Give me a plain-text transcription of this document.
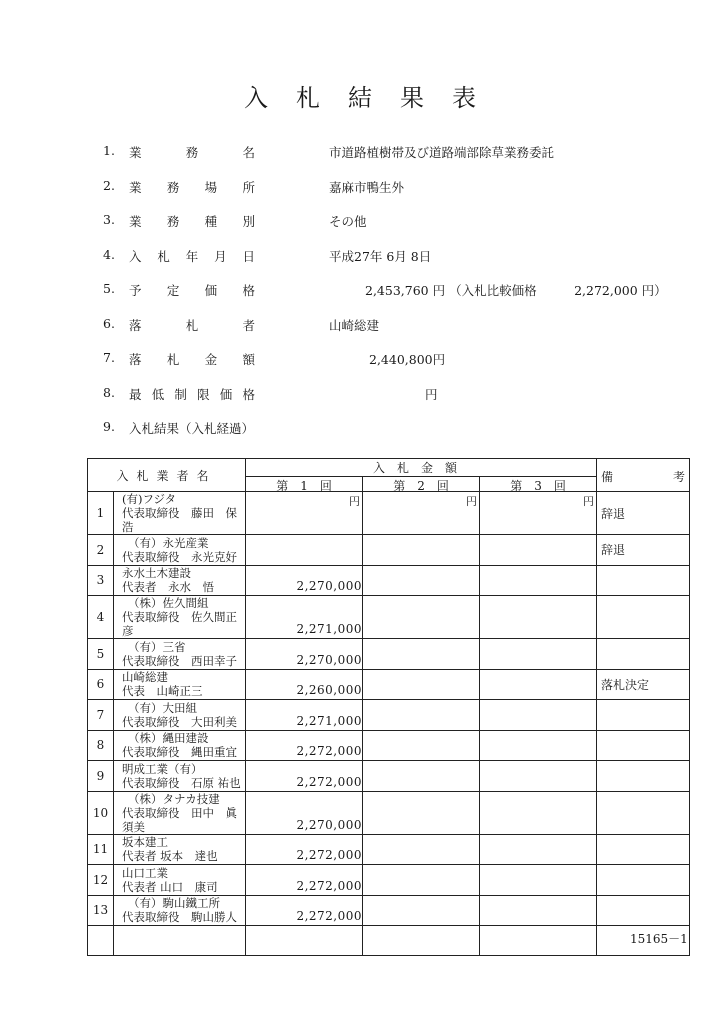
入札結果表
1.	業	務	名	市道路植樹帯及び道路端部除草業務委託
2.	業 務 場 所	嘉麻市鴨生外
3.	業 務 種 別	その他
4.	入 札 年 月 日	平成27年 6月 8日
5.	予 定 価 格	2,453,760 円 （入札比較価格　　　2,272,000 円）
6.	落	札	者	山崎総建
7.	落 札 金 額	2,440,800円
8.	最 低 制 限 価 格	円
9.	入札結果（入札経過）
入札業者名		入札金額			備 考

		第　1　回	第　2　回	第　3　回	

1	(有)フジタ
代表取締役　藤田　保浩	円	円	円	辞退
2	（有）永光産業
代表取締役　永光克好				辞退
3	永水土木建設
代表者　永水　悟	2,270,000			

4	（株）佐久間組
代表取締役　佐久間正彦	2,271,000			

5	（有）三省
代表取締役　西田幸子	2,270,000			

6	山崎総建
代表　山崎正三	2,260,000			落札決定
7	（有）大田組
代表取締役　大田利美	2,271,000			

8	（株）縄田建設
代表取締役　縄田重宜	2,272,000			

9	明成工業（有）
代表取締役　石原 祐也	2,272,000			

10	（株）タナカ技建
代表取締役　田中　眞須美	2,270,000			

11	坂本建工
代表者 坂本　達也	2,272,000			

12	山口工業
代表者 山口　康司	2,272,000			

13	（有）駒山鐵工所
代表取締役　駒山勝人	2,272,000			

15165－1
